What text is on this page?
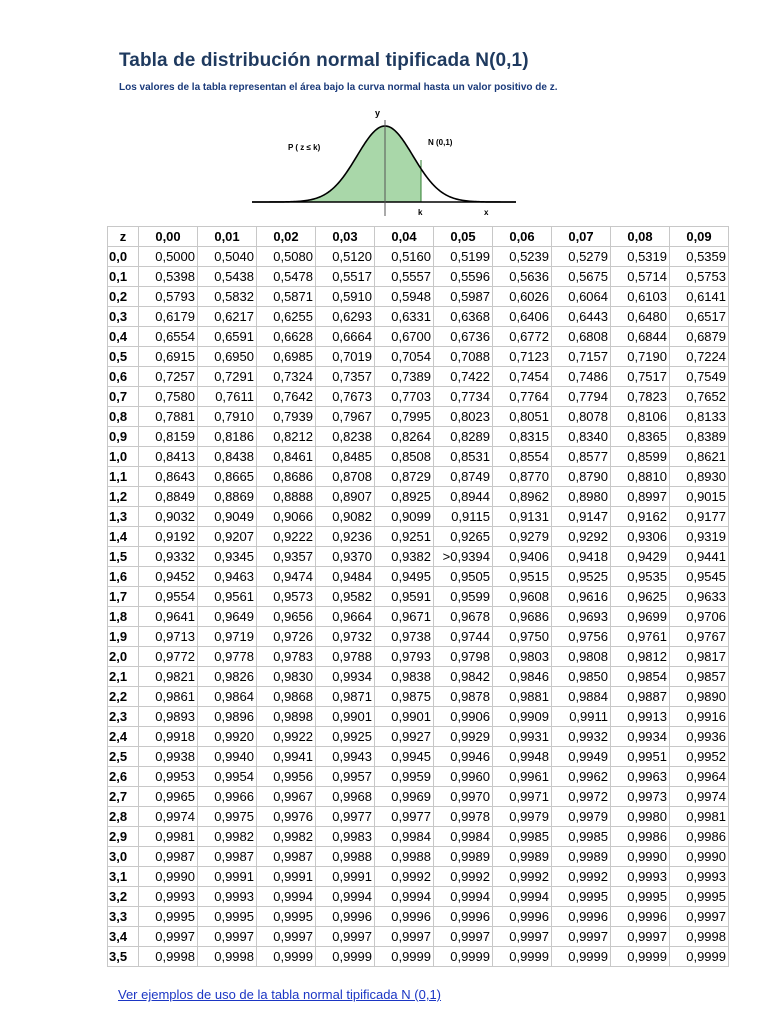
Tabla de distribución normal tipificada N(0,1)
Los valores de la tabla representan el área bajo la curva normal hasta un valor positivo de z.
y
P ( z ≤ k)
N (0,1)
k	x
z	0,00	0,01	0,02	0,03	0,04	0,05	0,06	0,07	0,08	0,09
0,0	0,5000	0,5040	0,5080	0,5120	0,5160	0,5199	0,5239	0,5279	0,5319	0,5359
0,1	0,5398	0,5438	0,5478	0,5517	0,5557	0,5596	0,5636	0,5675	0,5714	0,5753
0,2	0,5793	0,5832	0,5871	0,5910	0,5948	0,5987	0,6026	0,6064	0,6103	0,6141
0,3	0,6179	0,6217	0,6255	0,6293	0,6331	0,6368	0,6406	0,6443	0,6480	0,6517
0,4	0,6554	0,6591	0,6628	0,6664	0,6700	0,6736	0,6772	0,6808	0,6844	0,6879
0,5	0,6915	0,6950	0,6985	0,7019	0,7054	0,7088	0,7123	0,7157	0,7190	0,7224
0,6	0,7257	0,7291	0,7324	0,7357	0,7389	0,7422	0,7454	0,7486	0,7517	0,7549
0,7	0,7580	0,7611	0,7642	0,7673	0,7703	0,7734	0,7764	0,7794	0,7823	0,7652
0,8	0,7881	0,7910	0,7939	0,7967	0,7995	0,8023	0,8051	0,8078	0,8106	0,8133
0,9	0,8159	0,8186	0,8212	0,8238	0,8264	0,8289	0,8315	0,8340	0,8365	0,8389
1,0	0,8413	0,8438	0,8461	0,8485	0,8508	0,8531	0,8554	0,8577	0,8599	0,8621
1,1	0,8643	0,8665	0,8686	0,8708	0,8729	0,8749	0,8770	0,8790	0,8810	0,8930
1,2	0,8849	0,8869	0,8888	0,8907	0,8925	0,8944	0,8962	0,8980	0,8997	0,9015
1,3	0,9032	0,9049	0,9066	0,9082	0,9099	0,9115	0,9131	0,9147	0,9162	0,9177
1,4	0,9192	0,9207	0,9222	0,9236	0,9251	0,9265	0,9279	0,9292	0,9306	0,9319
1,5	0,9332	0,9345	0,9357	0,9370	0,9382	>0,9394	0,9406	0,9418	0,9429	0,9441
1,6	0,9452	0,9463	0,9474	0,9484	0,9495	0,9505	0,9515	0,9525	0,9535	0,9545
1,7	0,9554	0,9561	0,9573	0,9582	0,9591	0,9599	0,9608	0,9616	0,9625	0,9633
1,8	0,9641	0,9649	0,9656	0,9664	0,9671	0,9678	0,9686	0,9693	0,9699	0,9706
1,9	0,9713	0,9719	0,9726	0,9732	0,9738	0,9744	0,9750	0,9756	0,9761	0,9767
2,0	0,9772	0,9778	0,9783	0,9788	0,9793	0,9798	0,9803	0,9808	0,9812	0,9817
2,1	0,9821	0,9826	0,9830	0,9934	0,9838	0,9842	0,9846	0,9850	0,9854	0,9857
2,2	0,9861	0,9864	0,9868	0,9871	0,9875	0,9878	0,9881	0,9884	0,9887	0,9890
2,3	0,9893	0,9896	0,9898	0,9901	0,9901	0,9906	0,9909	0,9911	0,9913	0,9916
2,4	0,9918	0,9920	0,9922	0,9925	0,9927	0,9929	0,9931	0,9932	0,9934	0,9936
2,5	0,9938	0,9940	0,9941	0,9943	0,9945	0,9946	0,9948	0,9949	0,9951	0,9952
2,6	0,9953	0,9954	0,9956	0,9957	0,9959	0,9960	0,9961	0,9962	0,9963	0,9964
2,7	0,9965	0,9966	0,9967	0,9968	0,9969	0,9970	0,9971	0,9972	0,9973	0,9974
2,8	0,9974	0,9975	0,9976	0,9977	0,9977	0,9978	0,9979	0,9979	0,9980	0,9981
2,9	0,9981	0,9982	0,9982	0,9983	0,9984	0,9984	0,9985	0,9985	0,9986	0,9986
3,0	0,9987	0,9987	0,9987	0,9988	0,9988	0,9989	0,9989	0,9989	0,9990	0,9990
3,1	0,9990	0,9991	0,9991	0,9991	0,9992	0,9992	0,9992	0,9992	0,9993	0,9993
3,2	0,9993	0,9993	0,9994	0,9994	0,9994	0,9994	0,9994	0,9995	0,9995	0,9995
3,3	0,9995	0,9995	0,9995	0,9996	0,9996	0,9996	0,9996	0,9996	0,9996	0,9997
3,4	0,9997	0,9997	0,9997	0,9997	0,9997	0,9997	0,9997	0,9997	0,9997	0,9998
3,5	0,9998	0,9998	0,9999	0,9999	0,9999	0,9999	0,9999	0,9999	0,9999	0,9999
Ver ejemplos de uso de la tabla normal tipificada N (0,1)
